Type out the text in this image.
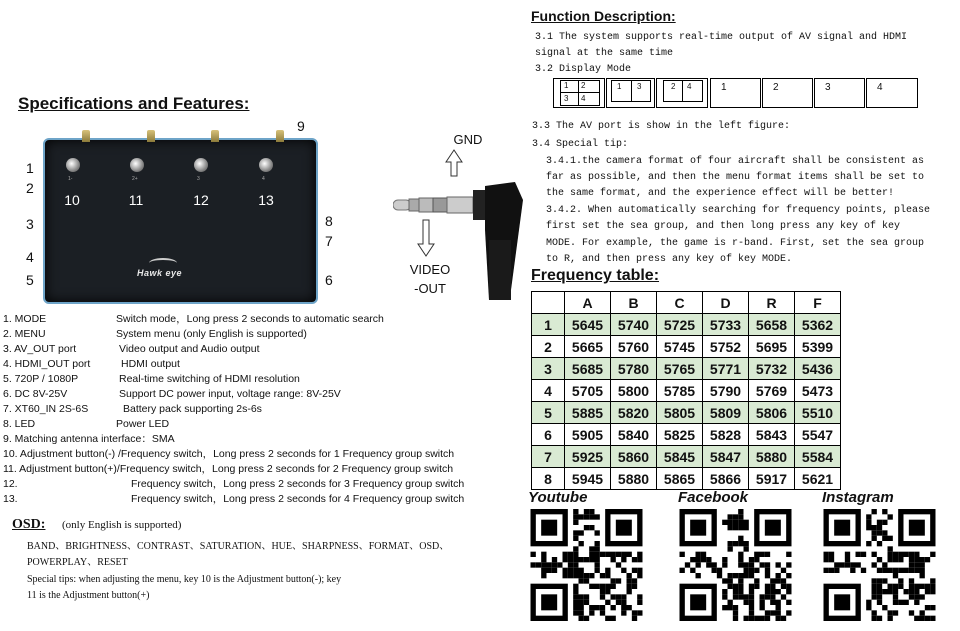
Specifications and Features:
1
2
3
4
5
9
8
7
6
1-	2+	3	4
10	11	12	13
Hawk eye
GND
VIDEO
-OUT
1. MODE	Switch mode，Long press 2 seconds to automatic search
2. MENU	System menu (only English is supported)
3. AV_OUT port	Video output and Audio output
4. HDMI_OUT port	HDMI output
5. 720P / 1080P	Real-time switching of HDMI resolution
6. DC 8V-25V	Support DC power input, voltage range: 8V-25V
7. XT60_IN 2S-6S	Battery pack supporting 2s-6s
8. LED	Power LED
9. Matching antenna interface：SMA
10. Adjustment button(-) /Frequency switch，Long press 2 seconds for 1 Frequency group switch
11. Adjustment button(+)/Frequency switch，Long press 2 seconds for 2 Frequency group switch
12.	Frequency switch，Long press 2 seconds for 3 Frequency group switch
13.	Frequency switch，Long press 2 seconds for 4 Frequency group switch
OSD: (only English is supported)
BAND、BRIGHTNESS、CONTRAST、SATURATION、HUE、SHARPNESS、FORMAT、OSD、
POWERPLAY、RESET
Special tips: when adjusting the menu, key 10 is the Adjustment button(-); key
11 is the Adjustment button(+)
Function Description:
3.1 The system supports real-time output of AV signal and HDMI
signal at the same time
3.2 Display Mode
1 2
3 4
1 3	2 4	1	2	3	4
3.3 The AV port is show in the left figure:
3.4 Special tip:
3.4.1.the camera format of four aircraft shall be consistent as
far as possible, and then the menu format items shall be set to
the same format, and the experience effect will be better!
3.4.2. When automatically searching for frequency points, please
first set the sea group, and then long press any key of key
MODE. For example, the game is r-band. First, set the sea group
to R, and then press any key of key MODE.
Frequency table:
	A	B	C	D	R	F
1	5645	5740	5725	5733	5658	5362
2	5665	5760	5745	5752	5695	5399
3	5685	5780	5765	5771	5732	5436
4	5705	5800	5785	5790	5769	5473
5	5885	5820	5805	5809	5806	5510
6	5905	5840	5825	5828	5843	5547
7	5925	5860	5845	5847	5880	5584
8	5945	5880	5865	5866	5917	5621
Youtube	Facebook	Instagram
